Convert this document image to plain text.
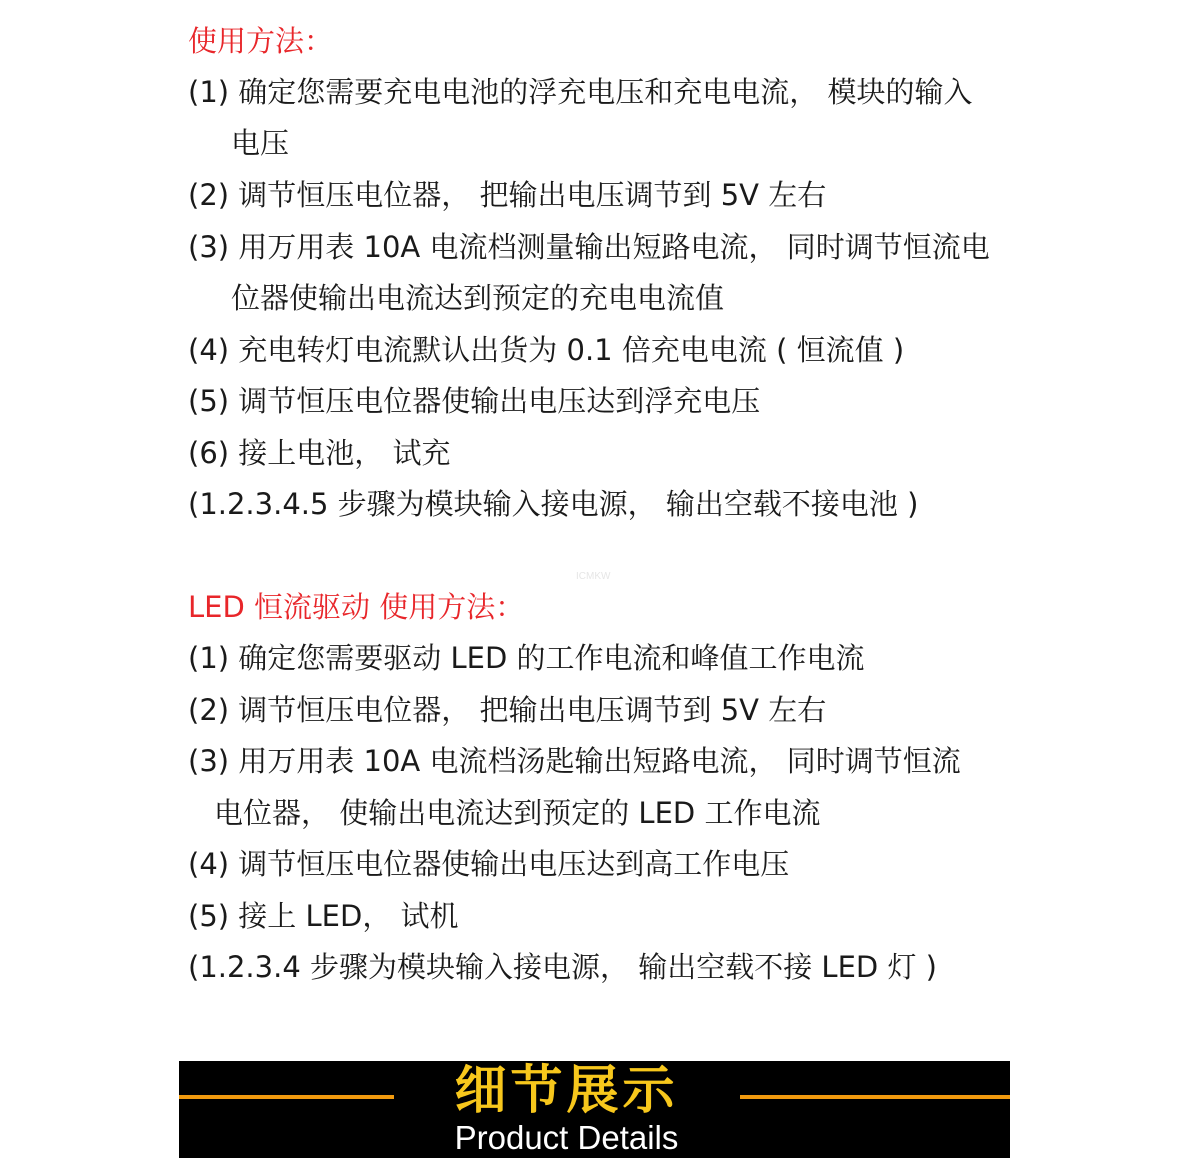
使用方法：
(1) 确定您需要充电电池的浮充电压和充电电流， 模块的输入
电压
(2) 调节恒压电位器， 把输出电压调节到 5V 左右
(3) 用万用表 10A 电流档测量输出短路电流， 同时调节恒流电
位器使输出电流达到预定的充电电流值
(4) 充电转灯电流默认出货为 0.1 倍充电电流 ( 恒流值 )
(5) 调节恒压电位器使输出电压达到浮充电压
(6) 接上电池， 试充
(1.2.3.4.5 步骤为模块输入接电源， 输出空载不接电池 )
ICMKW
LED 恒流驱动 使用方法：
(1) 确定您需要驱动 LED 的工作电流和峰值工作电流
(2) 调节恒压电位器， 把输出电压调节到 5V 左右
(3) 用万用表 10A 电流档汤匙输出短路电流， 同时调节恒流
电位器， 使输出电流达到预定的 LED 工作电流
(4) 调节恒压电位器使输出电压达到高工作电压
(5) 接上 LED， 试机
(1.2.3.4 步骤为模块输入接电源， 输出空载不接 LED 灯 )
细节展示
Product Details
